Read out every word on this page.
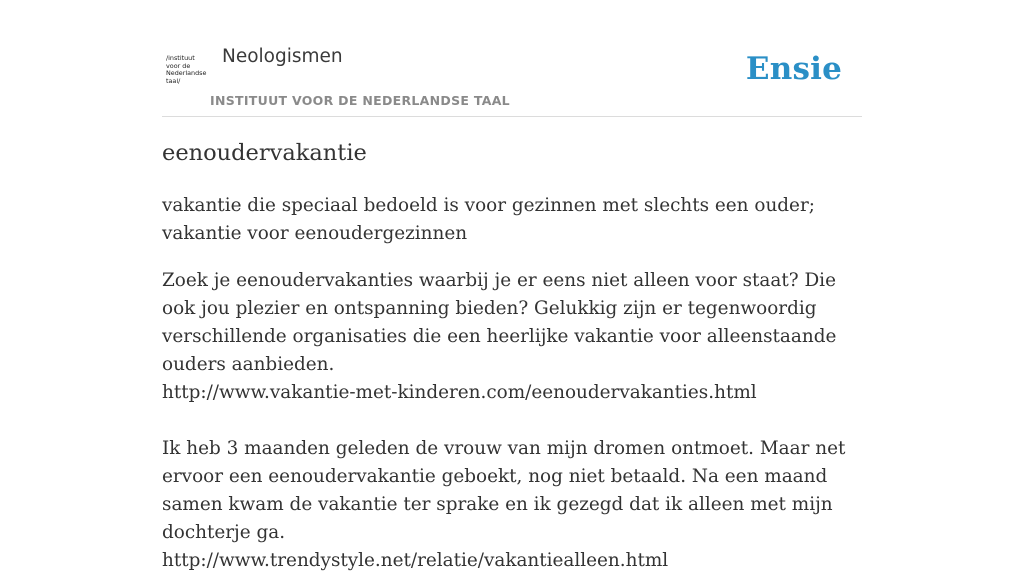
/instituut
voor de
Nederlandse
taal/
Neologismen
INSTITUUT VOOR DE NEDERLANDSE TAAL
Ensie
eenoudervakantie

vakantie die speciaal bedoeld is voor gezinnen met slechts een ouder; vakantie voor eenoudergezinnen

Zoek je eenoudervakanties waarbij je er eens niet alleen voor staat? Die ook jou plezier en ontspanning bieden? Gelukkig zijn er tegenwoordig verschillende organisaties die een heerlijke vakantie voor alleenstaande ouders aanbieden.

http://www.vakantie-met-kinderen.com/eenoudervakanties.html

Ik heb 3 maanden geleden de vrouw van mijn dromen ontmoet. Maar net ervoor een eenoudervakantie geboekt, nog niet betaald. Na een maand samen kwam de vakantie ter sprake en ik gezegd dat ik alleen met mijn dochterje ga.

http://www.trendystyle.net/relatie/vakantiealleen.html
